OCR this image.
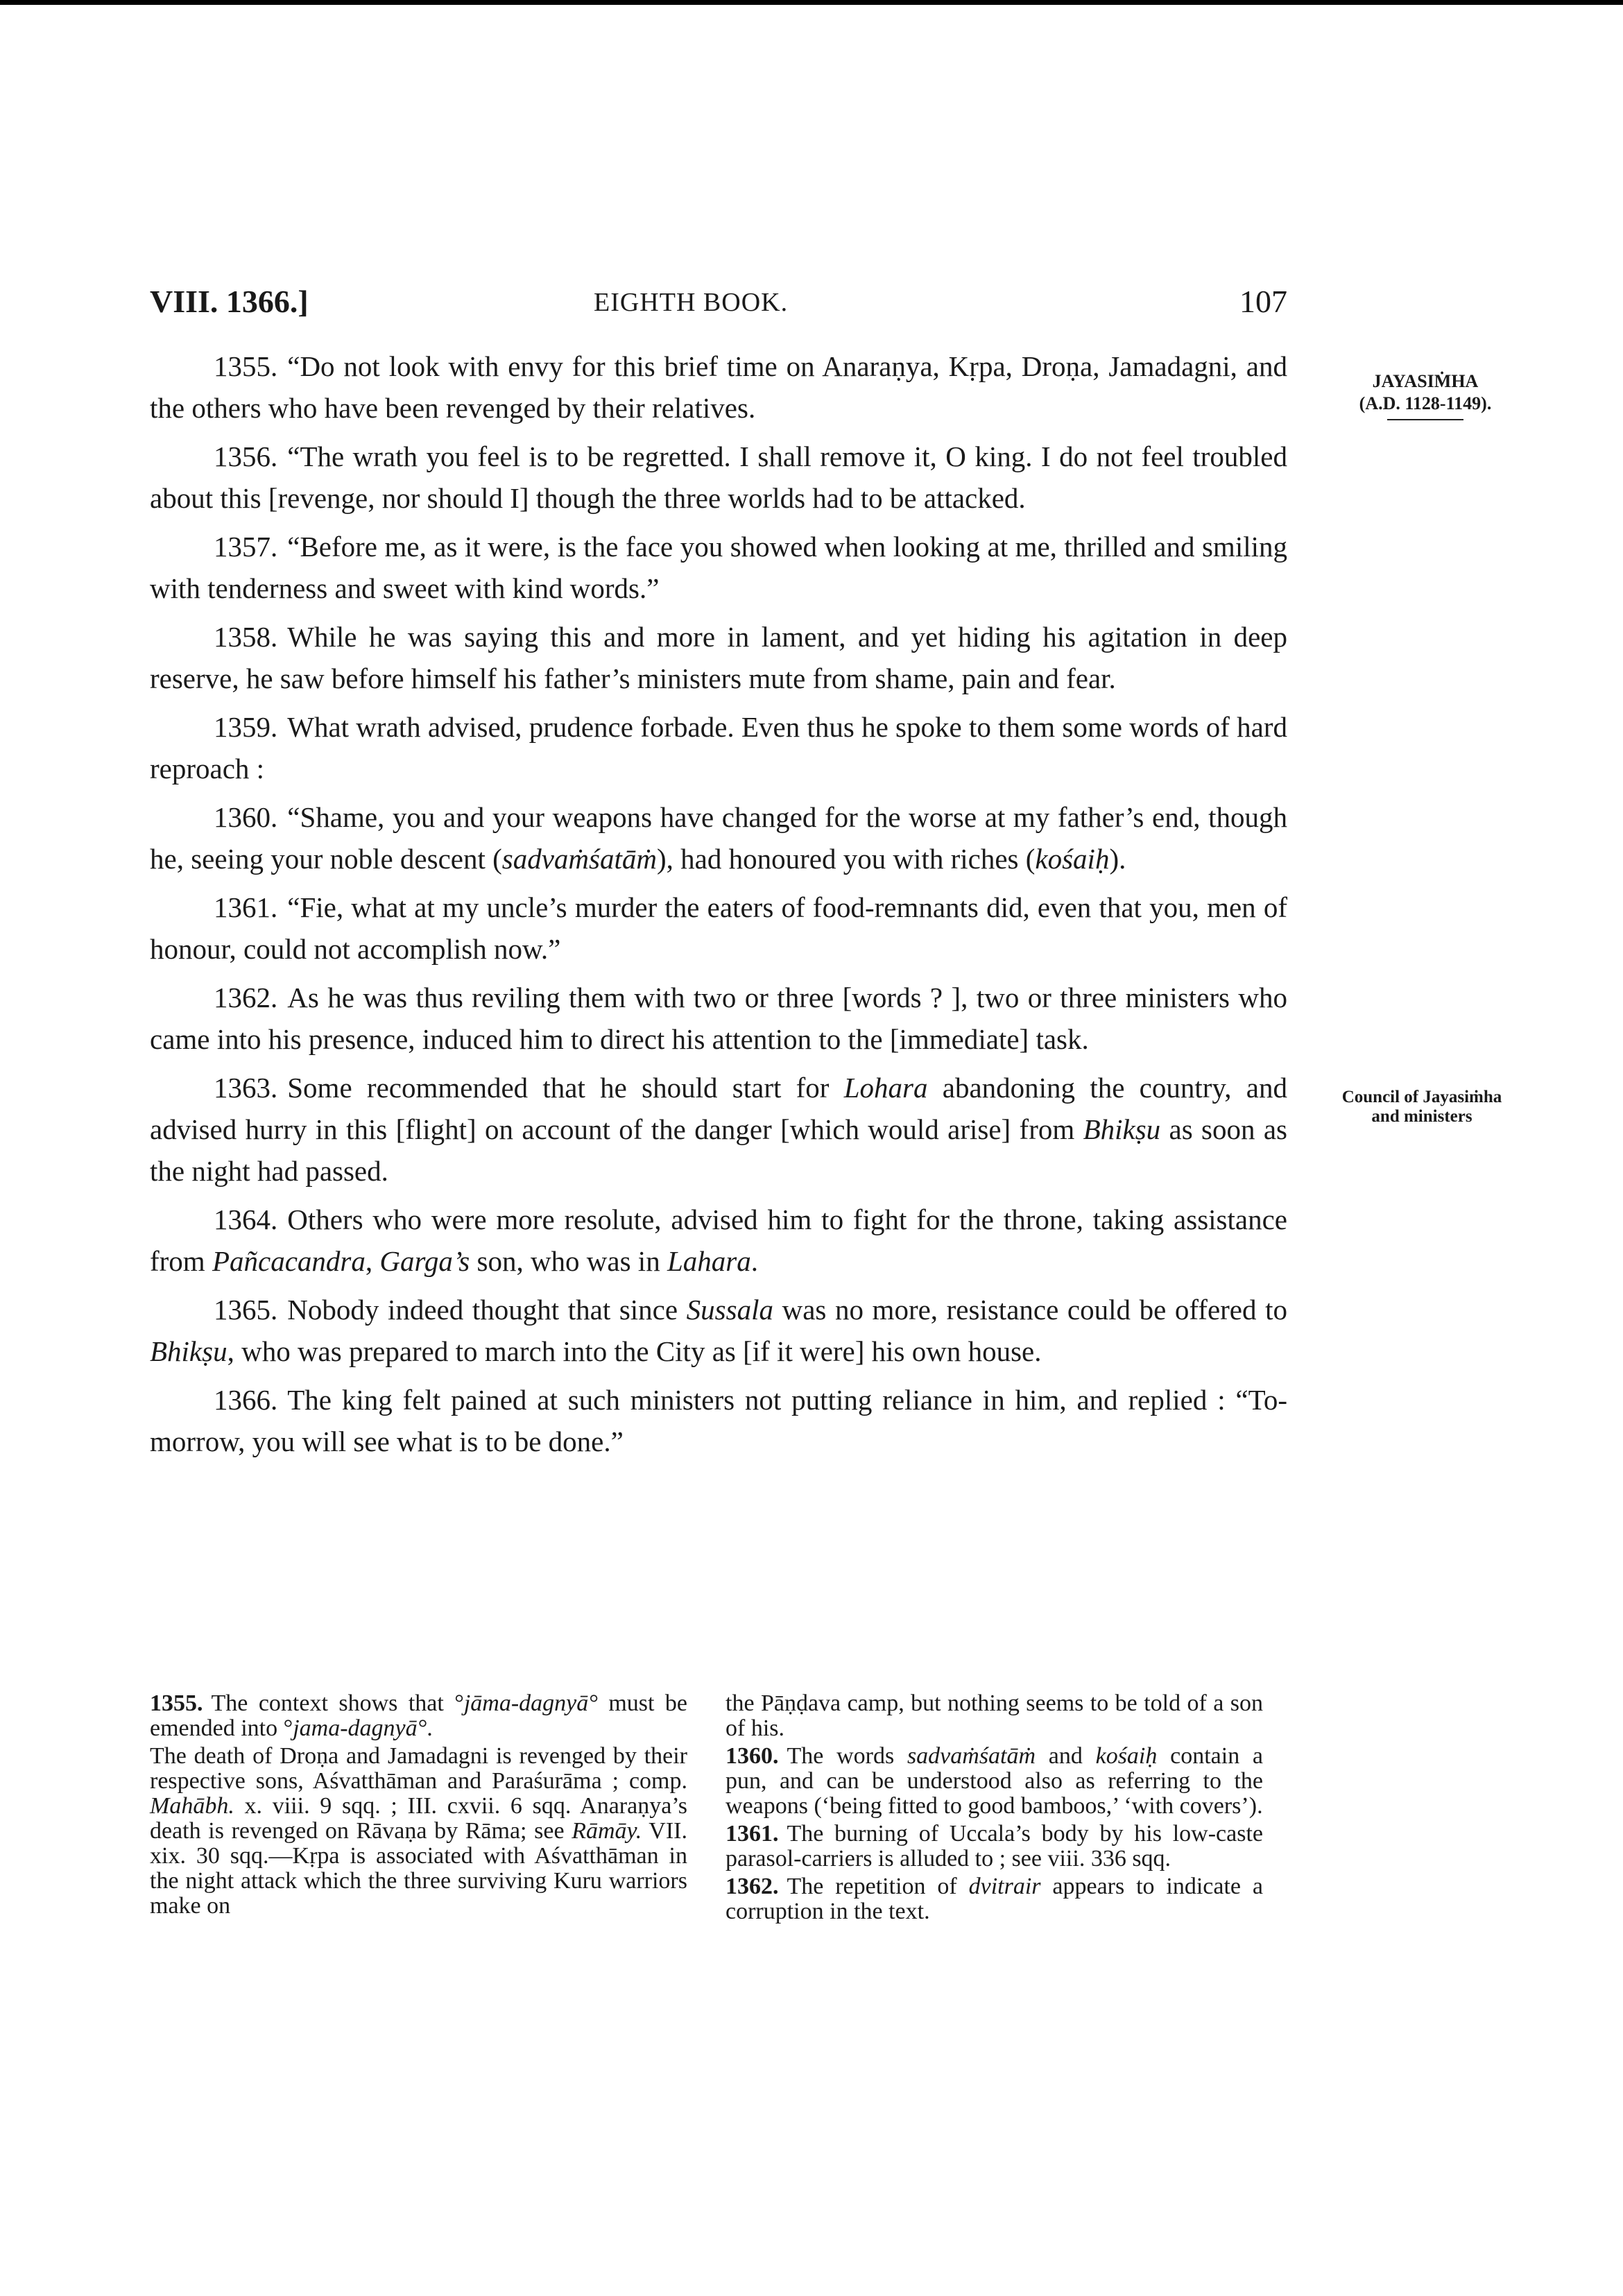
VIII. 1366.]	EIGHTH BOOK.	107
JAYASIṀHA
(A.D. 1128-1149).
Council of Jayasiṁha
and ministers

1355. “Do not look with envy for this brief time on Anaraṇya, Kṛpa, Droṇa, Jamadagni, and the others who have been revenged by their relatives.

1356. “The wrath you feel is to be regretted. I shall remove it, O king. I do not feel troubled about this [revenge, nor should I] though the three worlds had to be attacked.

1357. “Before me, as it were, is the face you showed when looking at me, thrilled and smiling with tenderness and sweet with kind words.”

1358. While he was saying this and more in lament, and yet hiding his agitation in deep reserve, he saw before himself his father’s ministers mute from shame, pain and fear.

1359. What wrath advised, prudence forbade. Even thus he spoke to them some words of hard reproach :

1360. “Shame, you and your weapons have changed for the worse at my father’s end, though he, seeing your noble descent (sadvaṁśatāṁ), had honoured you with riches (kośaiḥ).

1361. “Fie, what at my uncle’s murder the eaters of food-remnants did, even that you, men of honour, could not accomplish now.”

1362. As he was thus reviling them with two or three [words ? ], two or three ministers who came into his presence, induced him to direct his attention to the [immediate] task.

1363. Some recommended that he should start for Lohara abandoning the country, and advised hurry in this [flight] on account of the danger [which would arise] from Bhikṣu as soon as the night had passed.

1364. Others who were more resolute, advised him to fight for the throne, taking assistance from Pañcacandra, Garga’s son, who was in Lahara.

1365. Nobody indeed thought that since Sussala was no more, resistance could be offered to Bhikṣu, who was prepared to march into the City as [if it were] his own house.

1366. The king felt pained at such ministers not putting reliance in him, and replied : “To-morrow, you will see what is to be done.”

1355. The context shows that °jāma-dagnyā° must be emended into °jama-dagnyā°.

The death of Droṇa and Jamadagni is revenged by their respective sons, Aśvatthāman and Paraśurāma ; comp. Mahābh. x. viii. 9 sqq. ; III. cxvii. 6 sqq. Anaraṇya’s death is revenged on Rāvaṇa by Rāma; see Rāmāy. VII. xix. 30 sqq.—Kṛpa is associated with Aśvatthāman in the night attack which the three surviving Kuru warriors make on

the Pāṇḍava camp, but nothing seems to be told of a son of his.

1360. The words sadvaṁśatāṁ and kośaiḥ contain a pun, and can be understood also as referring to the weapons (‘being fitted to good bamboos,’ ‘with covers’).

1361. The burning of Uccala’s body by his low-caste parasol-carriers is alluded to ; see viii. 336 sqq.

1362. The repetition of dvitrair appears to indicate a corruption in the text.
